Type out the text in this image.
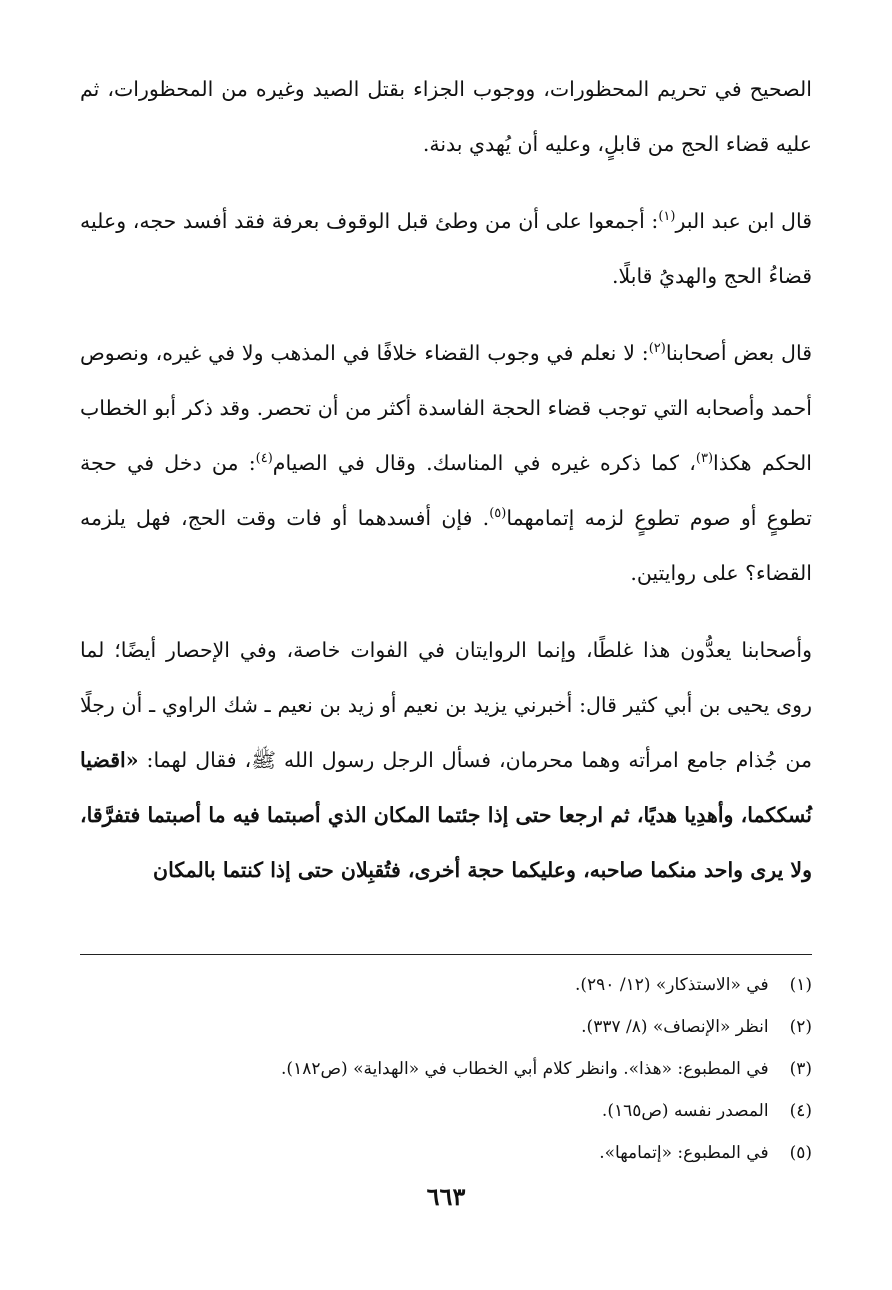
الصحيح في تحريم المحظورات، ووجوب الجزاء بقتل الصيد وغيره من المحظورات، ثم عليه قضاء الحج من قابلٍ، وعليه أن يُهدي بدنة.

قال ابن عبد البر$^{(١)}$: أجمعوا على أن من وطئ قبل الوقوف بعرفة فقد أفسد حجه، وعليه قضاءُ الحج والهديُ قابلًا.

قال بعض أصحابنا$^{(٢)}$: لا نعلم في وجوب القضاء خلافًا في المذهب ولا في غيره، ونصوص أحمد وأصحابه التي توجب قضاء الحجة الفاسدة أكثر من أن تحصر. وقد ذكر أبو الخطاب الحكم هكذا$^{(٣)}$، كما ذكره غيره في المناسك. وقال في الصيام$^{(٤)}$: من دخل في حجة تطوعٍ أو صوم تطوعٍ لزمه إتمامهما$^{(٥)}$. فإن أفسدهما أو فات وقت الحج، فهل يلزمه القضاء؟ على روايتين.

وأصحابنا يعدُّون هذا غلطًا، وإنما الروايتان في الفوات خاصة، وفي الإحصار أيضًا؛ لما روى يحيى بن أبي كثير قال: أخبرني يزيد بن نعيم أو زيد بن نعيم ـ شك الراوي ـ أن رجلًا من جُذام جامع امرأته وهما محرمان، فسأل الرجل رسول الله ﷺ، فقال لهما: «اقضيا نُسككما، وأهدِيا هديًا، ثم ارجعا حتى إذا جئتما المكان الذي أصبتما فيه ما أصبتما فتفرَّقا، ولا يرى واحد منكما صاحبه، وعليكما حجة أخرى، فتُقبِلان حتى إذا كنتما بالمكان

(١) في «الاستذكار» (١٢/ ٢٩٠).
(٢) انظر «الإنصاف» (٨/ ٣٣٧).
(٣) في المطبوع: «هذا». وانظر كلام أبي الخطاب في «الهداية» (ص١٨٢).
(٤) المصدر نفسه (ص١٦٥).
(٥) في المطبوع: «إتمامها».
٦٦٣
